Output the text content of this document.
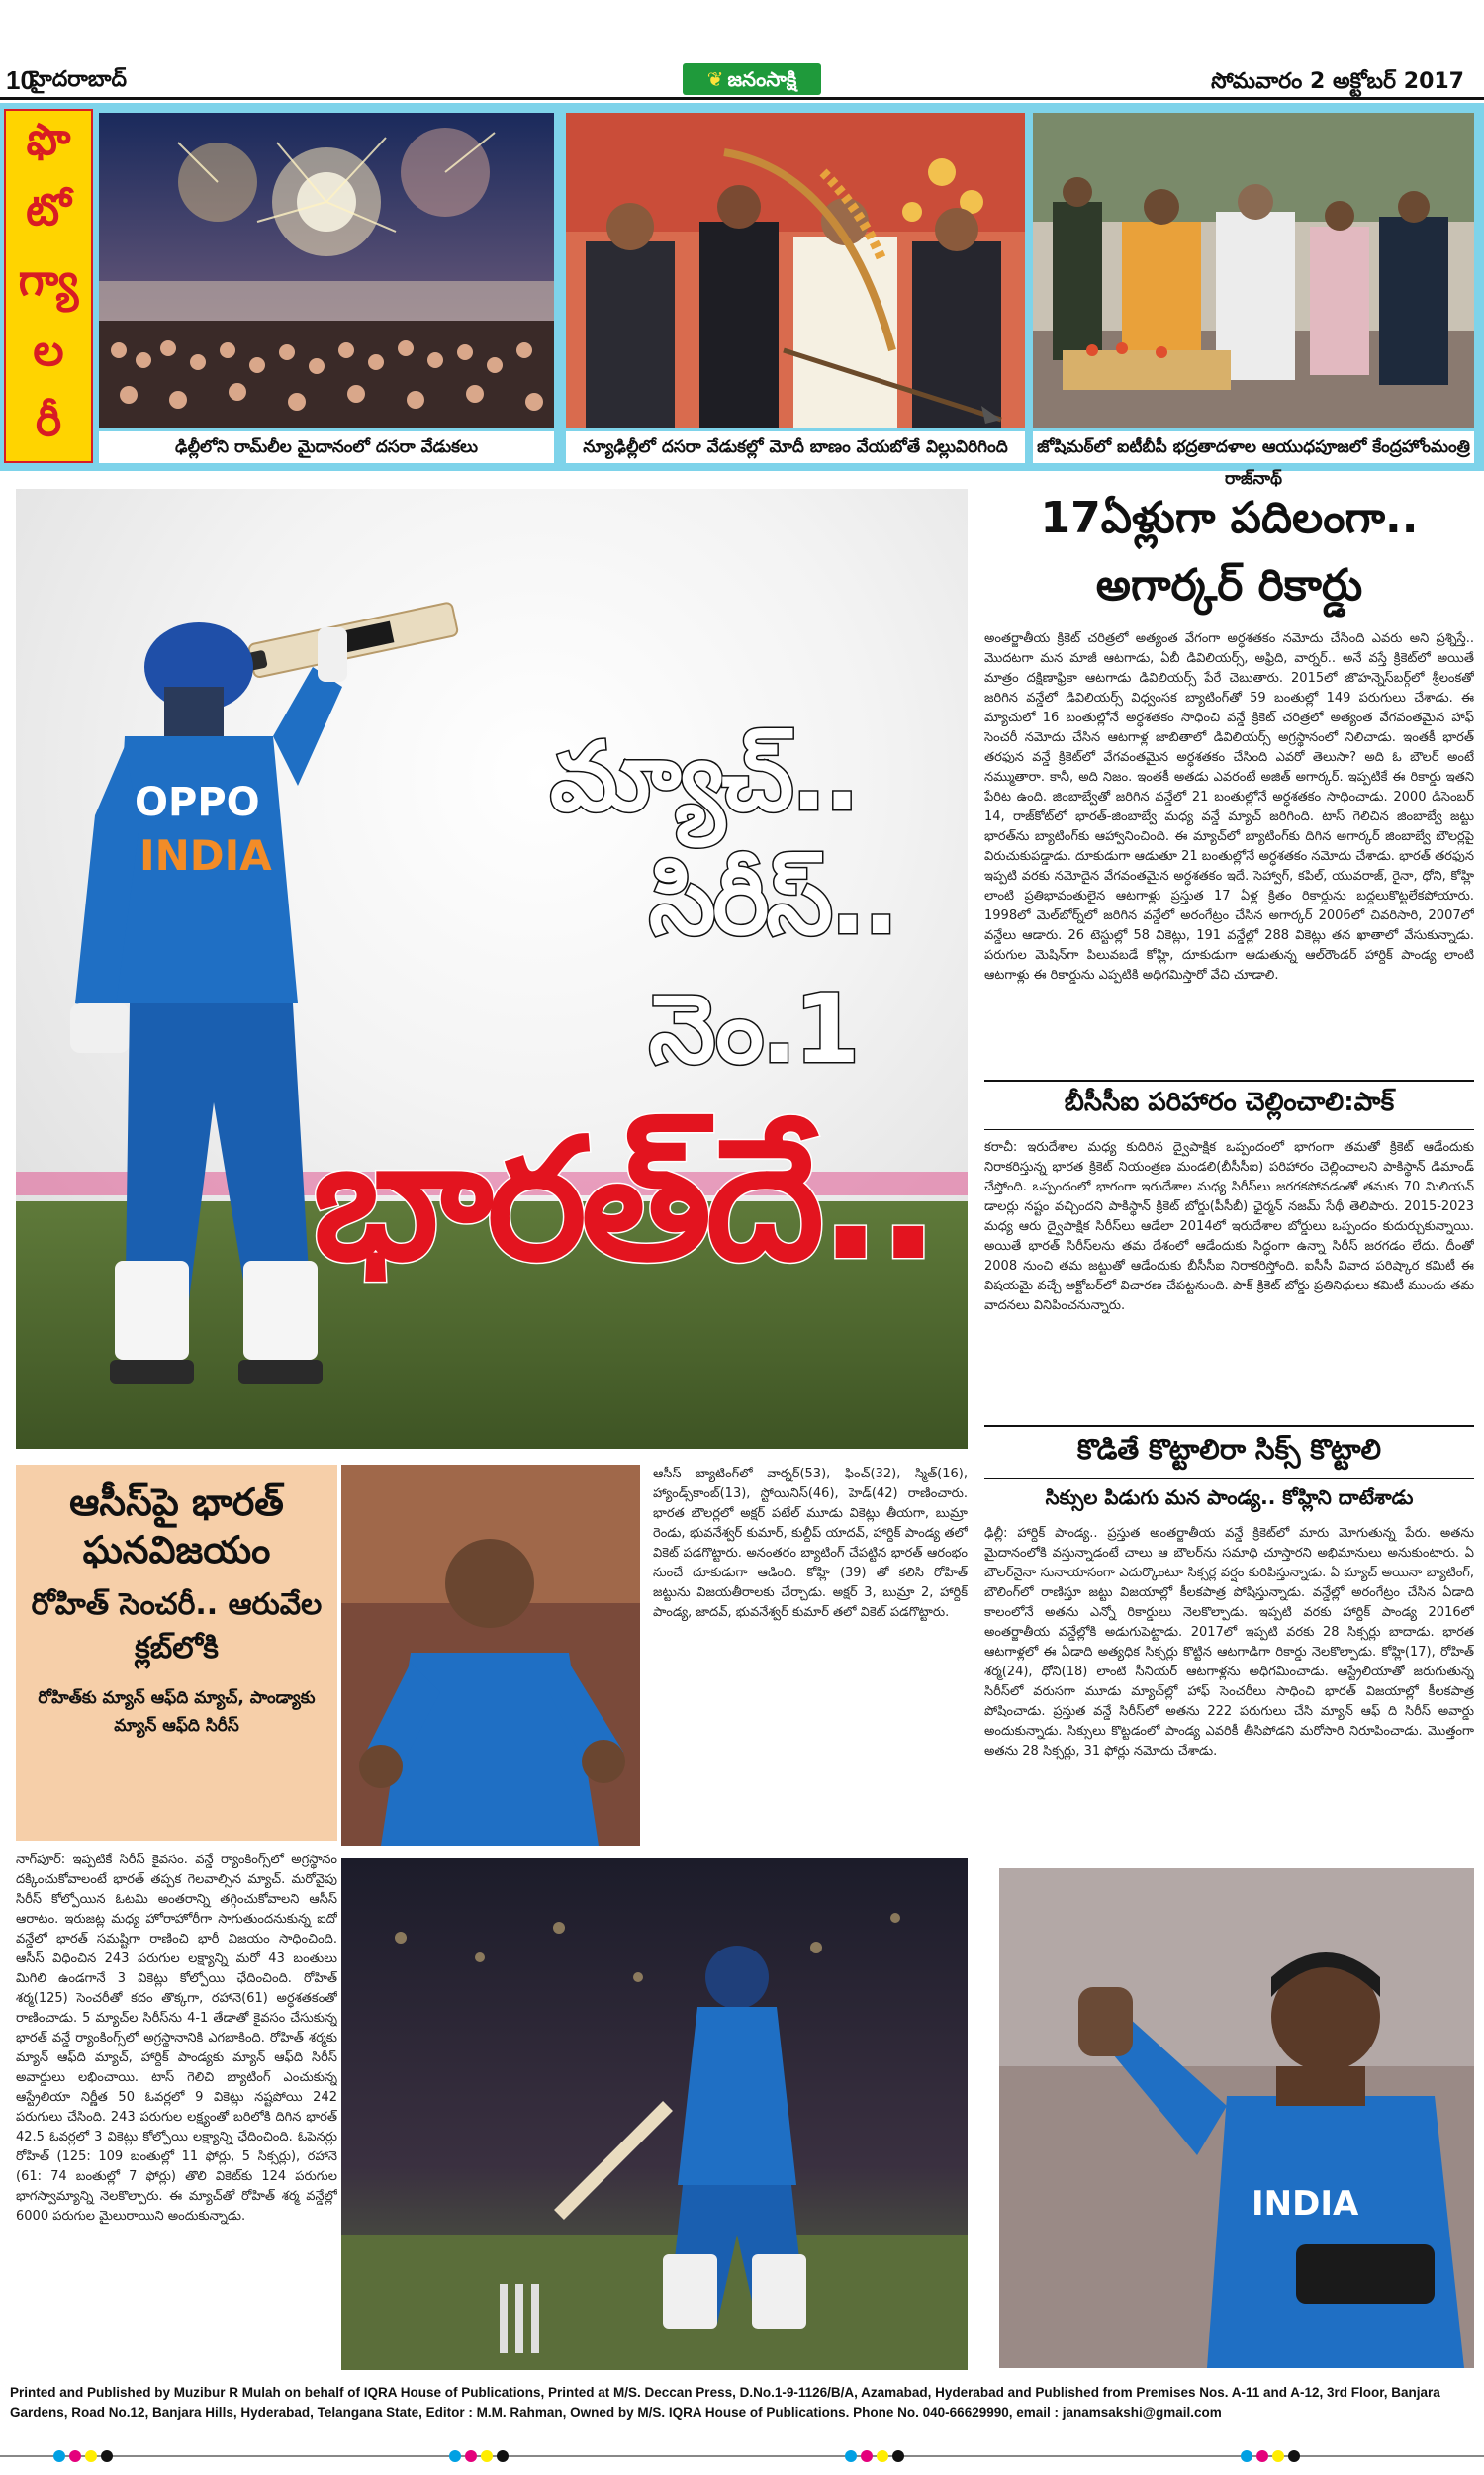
10
హైదరాబాద్	❦ జనంసాక్షి	సోమవారం 2 అక్టోబర్ 2017
ఫొ
టో
గ్యా
ల
రీ
ఢిల్లీలోని రామ్‌లీల మైదానంలో దసరా వేడుకలు	న్యూఢిల్లీలో దసరా వేడుకల్లో మోదీ బాణం వేయబోతే విల్లువిరిగింది	జోషిమఠ్‌లో ఐటీబీపీ భద్రతాదళాల ఆయుధపూజలో కేంద్రహోంమంత్రి రాజ్‌నాథ్
OPPO
INDIA
మ్యాచ్..
సిరీస్..
నెం.1
భారత్‌దే..
17ఏళ్లుగా పదిలంగా..
అగార్కర్ రికార్డు
అంతర్జాతీయ క్రికెట్ చరిత్రలో అత్యంత వేగంగా అర్ధశతకం నమోదు చేసింది ఎవరు అని ప్రశ్నిస్తే.. మొదటగా మన మాజీ ఆటగాడు, ఏబీ డివిలియర్స్, అఫ్రిది, వార్నర్.. అనే వస్తే క్రికెట్‌లో అయితే మాత్రం దక్షిణాఫ్రికా ఆటగాడు డివిలియర్స్ పేరే చెబుతారు. 2015లో జొహన్నెస్‌బర్గ్‌లో శ్రీలంకతో జరిగిన వన్డేలో డివిలియర్స్ విధ్వంసక బ్యాటింగ్‌తో 59 బంతుల్లో 149 పరుగులు చేశాడు. ఈ మ్యాచులో 16 బంతుల్లోనే అర్ధశతకం సాధించి వన్డే క్రికెట్ చరిత్రలో అత్యంత వేగవంతమైన హాఫ్ సెంచరీ నమోదు చేసిన ఆటగాళ్ల జాబితాలో డివిలియర్స్ అగ్రస్థానంలో నిలిచాడు. ఇంతకీ భారత్ తరఫున వన్డే క్రికెట్‌లో వేగవంతమైన అర్ధశతకం చేసింది ఎవరో తెలుసా? అది ఓ బౌలర్ అంటే నమ్ముతారా. కానీ, అది నిజం. ఇంతకీ అతడు ఎవరంటే అజిత్ అగార్కర్. ఇప్పటికే ఈ రికార్డు ఇతని పేరిట ఉంది. జింబాబ్వేతో జరిగిన వన్డేలో 21 బంతుల్లోనే అర్ధశతకం సాధించాడు. 2000 డిసెంబర్ 14, రాజ్‌కోట్‌లో భారత్-జింబాబ్వే మధ్య వన్డే మ్యాచ్ జరిగింది. టాస్ గెలిచిన జింబాబ్వే జట్టు భారత్‌ను బ్యాటింగ్‌కు ఆహ్వానించింది. ఈ మ్యాచ్‌లో బ్యాటింగ్‌కు దిగిన అగార్కర్ జింబాబ్వే బౌలర్లపై విరుచుకుపడ్డాడు. దూకుడుగా ఆడుతూ 21 బంతుల్లోనే అర్ధశతకం నమోదు చేశాడు. భారత్ తరఫున ఇప్పటి వరకు నమోదైన వేగవంతమైన అర్ధశతకం ఇదే. సెహ్వాగ్, కపిల్, యువరాజ్, రైనా, ధోని, కోహ్లి లాంటి ప్రతిభావంతులైన ఆటగాళ్లు ప్రస్తుత 17 ఏళ్ల క్రితం రికార్డును బద్దలుకొట్టలేకపోయారు. 1998లో మెల్‌బోర్న్‌లో జరిగిన వన్డేలో అరంగేట్రం చేసిన అగార్కర్ 2006లో చివరిసారి, 2007లో వన్డేలు ఆడారు. 26 టెస్టుల్లో 58 వికెట్లు, 191 వన్డేల్లో 288 వికెట్లు తన ఖాతాలో వేసుకున్నాడు. పరుగుల మెషిన్‌గా పిలువబడే కోహ్లి, దూకుడుగా ఆడుతున్న ఆల్‌రౌండర్ హార్దిక్ పాండ్య లాంటి ఆటగాళ్లు ఈ రికార్డును ఎప్పటికి అధిగమిస్తారో వేచి చూడాలి.
బీసీసీఐ పరిహారం చెల్లించాలి:పాక్
కరాచీ: ఇరుదేశాల మధ్య కుదిరిన ద్వైపాక్షిక ఒప్పందంలో భాగంగా తమతో క్రికెట్ ఆడేందుకు నిరాకరిస్తున్న భారత క్రికెట్ నియంత్రణ మండలి(బీసీసీఐ) పరిహారం చెల్లించాలని పాకిస్థాన్ డిమాండ్ చేస్తోంది. ఒప్పందంలో భాగంగా ఇరుదేశాల మధ్య సిరీస్‌లు జరగకపోవడంతో తమకు 70 మిలియన్ డాలర్లు నష్టం వచ్చిందని పాకిస్థాన్ క్రికెట్ బోర్డు(పీసీబీ) ఛైర్మన్ నజమ్ సేథీ తెలిపారు. 2015-2023 మధ్య ఆరు ద్వైపాక్షిక సిరీస్‌లు ఆడేలా 2014లో ఇరుదేశాల బోర్డులు ఒప్పందం కుదుర్చుకున్నాయి. అయితే భారత్ సిరీస్‌లను తమ దేశంలో ఆడేందుకు సిద్ధంగా ఉన్నా సిరీస్ జరగడం లేదు. దీంతో 2008 నుంచి తమ జట్టుతో ఆడేందుకు బీసీసీఐ నిరాకరిస్తోంది. ఐసీసీ వివాద పరిష్కార కమిటీ ఈ విషయమై వచ్చే అక్టోబర్‌లో విచారణ చేపట్టనుంది. పాక్ క్రికెట్ బోర్డు ప్రతినిధులు కమిటీ ముందు తమ వాదనలు వినిపించనున్నారు.
కొడితే కొట్టాలిరా సిక్స్ కొట్టాలి
సిక్సుల పిడుగు మన పాండ్య.. కోహ్లిని దాటేశాడు
ఢిల్లీ: హార్దిక్ పాండ్య.. ప్రస్తుత అంతర్జాతీయ వన్డే క్రికెట్‌లో మారు మోగుతున్న పేరు. అతను మైదానంలోకి వస్తున్నాడంటే చాలు ఆ బౌలర్‌ను సమాధి చూస్తారని అభిమానులు అనుకుంటారు. ఏ బౌలర్‌నైనా సునాయాసంగా ఎదుర్కొంటూ సిక్సర్ల వర్షం కురిపిస్తున్నాడు. ఏ మ్యాచ్ అయినా బ్యాటింగ్, బౌలింగ్‌లో రాణిస్తూ జట్టు విజయాల్లో కీలకపాత్ర పోషిస్తున్నాడు. వన్డేల్లో అరంగేట్రం చేసిన ఏడాది కాలంలోనే అతను ఎన్నో రికార్డులు నెలకొల్పాడు. ఇప్పటి వరకు హార్దిక్ పాండ్య 2016లో అంతర్జాతీయ వన్డేల్లోకి అడుగుపెట్టాడు. 2017లో ఇప్పటి వరకు 28 సిక్సర్లు బాదాడు. భారత ఆటగాళ్లలో ఈ ఏడాది అత్యధిక సిక్సర్లు కొట్టిన ఆటగాడిగా రికార్డు నెలకొల్పాడు. కోహ్లి(17), రోహిత్ శర్మ(24), ధోని(18) లాంటి సీనియర్ ఆటగాళ్లను అధిగమించాడు. ఆస్ట్రేలియాతో జరుగుతున్న సిరీస్‌లో వరుసగా మూడు మ్యాచ్‌ల్లో హాఫ్ సెంచరీలు సాధించి భారత్ విజయాల్లో కీలకపాత్ర పోషించాడు. ప్రస్తుత వన్డే సిరీస్‌లో అతను 222 పరుగులు చేసి మ్యాన్ ఆఫ్ ది సిరీస్ అవార్డు అందుకున్నాడు. సిక్సులు కొట్టడంలో పాండ్య ఎవరికీ తీసిపోడని మరోసారి నిరూపించాడు. మొత్తంగా అతను 28 సిక్సర్లు, 31 ఫోర్లు నమోదు చేశాడు.
INDIA
ఆసీస్‌పై భారత్ ఘనవిజయం
రోహిత్ సెంచరీ.. ఆరువేల క్లబ్‌లోకి
రోహిత్‌కు మ్యాన్ ఆఫ్‌ది మ్యాచ్, పాండ్యాకు మ్యాన్ ఆఫ్‌ది సిరీస్
ఆసీస్ బ్యాటింగ్‌లో వార్నర్(53), ఫించ్(32), స్మిత్(16), హ్యాండ్స్‌కాంబ్(13), స్టోయినిస్(46), హెడ్(42) రాణించారు. భారత బౌలర్లలో అక్షర్ పటేల్ మూడు వికెట్లు తీయగా, బుమ్రా రెండు, భువనేశ్వర్ కుమార్, కుల్దీప్ యాదవ్, హార్దిక్ పాండ్య తలో వికెట్ పడగొట్టారు. అనంతరం బ్యాటింగ్ చేపట్టిన భారత్ ఆరంభం నుంచే దూకుడుగా ఆడింది. కోహ్లి (39) తో కలిసి రోహిత్ జట్టును విజయతీరాలకు చేర్చాడు. అక్షర్ 3, బుమ్రా 2, హార్దిక్ పాండ్య, జాదవ్, భువనేశ్వర్ కుమార్ తలో వికెట్ పడగొట్టారు.
నాగ్‌పూర్: ఇప్పటికే సిరీస్ కైవసం. వన్డే ర్యాంకింగ్స్‌లో అగ్రస్థానం దక్కించుకోవాలంటే భారత్ తప్పక గెలవాల్సిన మ్యాచ్. మరోవైపు సిరీస్ కోల్పోయిన ఓటమి అంతరాన్ని తగ్గించుకోవాలని ఆసీస్ ఆరాటం. ఇరుజట్ల మధ్య హోరాహోరీగా సాగుతుందనుకున్న ఐదో వన్డేలో భారత్ సమష్టిగా రాణించి భారీ విజయం సాధించింది. ఆసీస్ విధించిన 243 పరుగుల లక్ష్యాన్ని మరో 43 బంతులు మిగిలి ఉండగానే 3 వికెట్లు కోల్పోయి ఛేదించింది. రోహిత్ శర్మ(125) సెంచరీతో కదం తొక్కగా, రహానె(61) అర్ధశతకంతో రాణించాడు. 5 మ్యాచ్‌ల సిరీస్‌ను 4-1 తేడాతో కైవసం చేసుకున్న భారత్ వన్డే ర్యాంకింగ్స్‌లో అగ్రస్థానానికి ఎగబాకింది. రోహిత్ శర్మకు మ్యాన్ ఆఫ్‌ది మ్యాచ్, హార్దిక్ పాండ్యకు మ్యాన్ ఆఫ్‌ది సిరీస్ అవార్డులు లభించాయి. టాస్ గెలిచి బ్యాటింగ్ ఎంచుకున్న ఆస్ట్రేలియా నిర్ణీత 50 ఓవర్లలో 9 వికెట్లు నష్టపోయి 242 పరుగులు చేసింది. 243 పరుగుల లక్ష్యంతో బరిలోకి దిగిన భారత్ 42.5 ఓవర్లలో 3 వికెట్లు కోల్పోయి లక్ష్యాన్ని ఛేదించింది. ఓపెనర్లు రోహిత్ (125: 109 బంతుల్లో 11 ఫోర్లు, 5 సిక్సర్లు), రహానె (61: 74 బంతుల్లో 7 ఫోర్లు) తొలి వికెట్‌కు 124 పరుగుల భాగస్వామ్యాన్ని నెలకొల్పారు. ఈ మ్యాచ్‌తో రోహిత్ శర్మ వన్డేల్లో 6000 పరుగుల మైలురాయిని అందుకున్నాడు.
Printed and Published by Muzibur R Mulah on behalf of IQRA House of Publications, Printed at M/S. Deccan Press, D.No.1-9-1126/B/A, Azamabad, Hyderabad and Published from Premises Nos. A-11 and A-12, 3rd Floor, Banjara Gardens, Road No.12, Banjara Hills, Hyderabad, Telangana State, Editor : M.M. Rahman, Owned by M/S. IQRA House of Publications. Phone No. 040-66629990, email : janamsakshi@gmail.com
